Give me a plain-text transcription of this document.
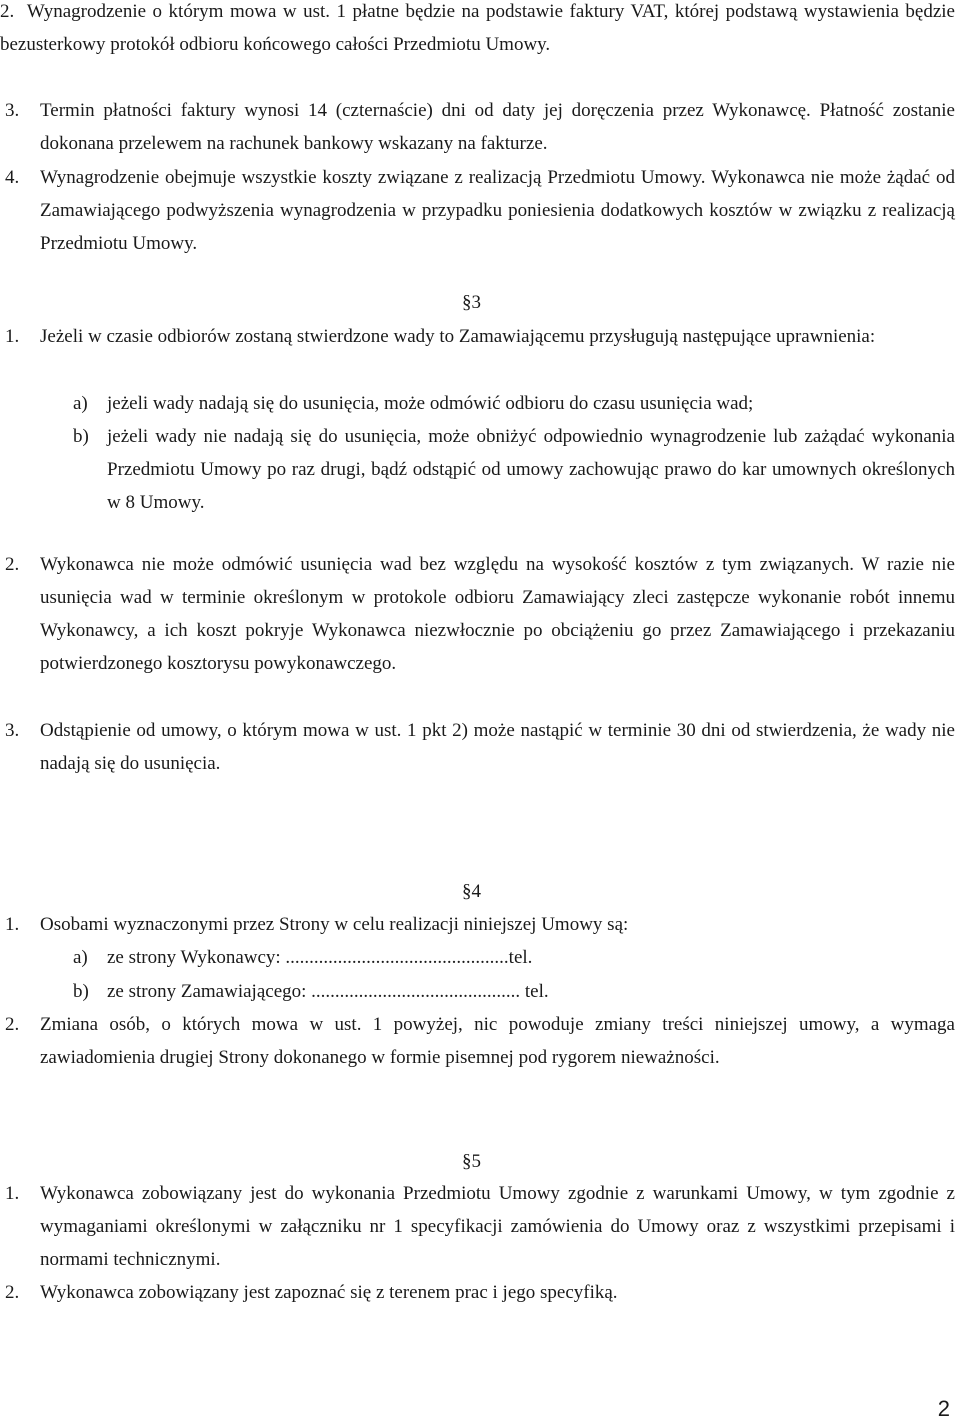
2. Wynagrodzenie o którym mowa w ust. 1 płatne będzie na podstawie faktury VAT, której podstawą wystawienia będzie bezusterkowy protokół odbioru końcowego całości Przedmiotu Umowy.
3. Termin płatności faktury wynosi 14 (czternaście) dni od daty jej doręczenia przez Wykonawcę. Płatność zostanie dokonana przelewem na rachunek bankowy wskazany na fakturze.
4. Wynagrodzenie obejmuje wszystkie koszty związane z realizacją Przedmiotu Umowy. Wykonawca nie może żądać od Zamawiającego podwyższenia wynagrodzenia w przypadku poniesienia dodatkowych kosztów w związku z realizacją Przedmiotu Umowy.
§3
1. Jeżeli w czasie odbiorów zostaną stwierdzone wady to Zamawiającemu przysługują następujące uprawnienia:
a) jeżeli wady nadają się do usunięcia, może odmówić odbioru do czasu usunięcia wad;
b) jeżeli wady nie nadają się do usunięcia, może obniżyć odpowiednio wynagrodzenie lub zażądać wykonania Przedmiotu Umowy po raz drugi, bądź odstąpić od umowy zachowując prawo do kar umownych określonych w 8 Umowy.
2. Wykonawca nie może odmówić usunięcia wad bez względu na wysokość kosztów z tym związanych. W razie nie usunięcia wad w terminie określonym w protokole odbioru Zamawiający zleci zastępcze wykonanie robót innemu Wykonawcy, a ich koszt pokryje Wykonawca niezwłocznie po obciążeniu go przez Zamawiającego i przekazaniu potwierdzonego kosztorysu powykonawczego.
3. Odstąpienie od umowy, o którym mowa w ust. 1 pkt 2) może nastąpić w terminie 30 dni od stwierdzenia, że wady nie nadają się do usunięcia.
§4
1. Osobami wyznaczonymi przez Strony w celu realizacji niniejszej Umowy są:
a) ze strony Wykonawcy: ...............................................tel.
b) ze strony Zamawiającego: ............................................ tel.
2. Zmiana osób, o których mowa w ust. 1 powyżej, nic powoduje zmiany treści niniejszej umowy, a wymaga zawiadomienia drugiej Strony dokonanego w formie pisemnej pod rygorem nieważności.
§5
1. Wykonawca zobowiązany jest do wykonania Przedmiotu Umowy zgodnie z warunkami Umowy, w tym zgodnie z wymaganiami określonymi w załączniku nr 1 specyfikacji zamówienia do Umowy oraz z wszystkimi przepisami i normami technicznymi.
2. Wykonawca zobowiązany jest zapoznać się z terenem prac i jego specyfiką.
2
